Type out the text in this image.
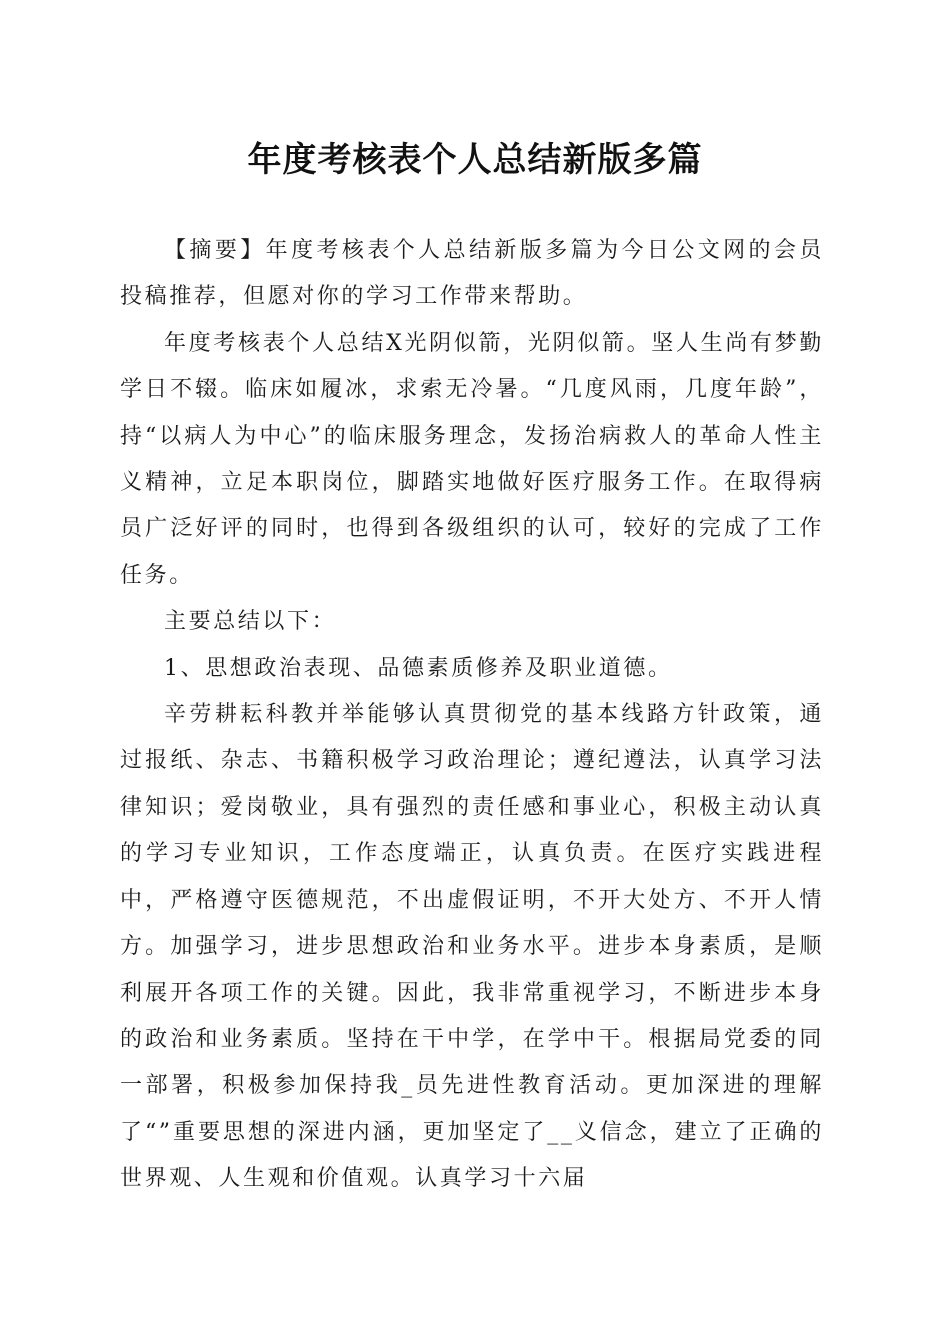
年度考核表个人总结新版多篇

【摘要】年度考核表个人总结新版多篇为今日公文网的会员投稿推荐，但愿对你的学习工作带来帮助。

年度考核表个人总结X光阴似箭，光阴似箭。坚人生尚有梦勤学日不辍。临床如履冰，求索无冷暑。“几度风雨，几度年龄”，持“以病人为中心”的临床服务理念，发扬治病救人的革命人性主义精神，立足本职岗位，脚踏实地做好医疗服务工作。在取得病员广泛好评的同时，也得到各级组织的认可，较好的完成了工作任务。

主要总结以下：

1、思想政治表现、品德素质修养及职业道德。

辛劳耕耘科教并举能够认真贯彻党的基本线路方针政策，通过报纸、杂志、书籍积极学习政治理论；遵纪遵法，认真学习法律知识；爱岗敬业，具有强烈的责任感和事业心，积极主动认真的学习专业知识，工作态度端正，认真负责。在医疗实践进程中，严格遵守医德规范，不出虚假证明，不开大处方、不开人情方。加强学习，进步思想政治和业务水平。进步本身素质，是顺利展开各项工作的关键。因此，我非常重视学习，不断进步本身的政治和业务素质。坚持在干中学，在学中干。根据局党委的同一部署，积极参加保持我_员先进性教育活动。更加深进的理解了“”重要思想的深进内涵，更加坚定了__义信念，建立了正确的世界观、人生观和价值观。认真学习十六届
